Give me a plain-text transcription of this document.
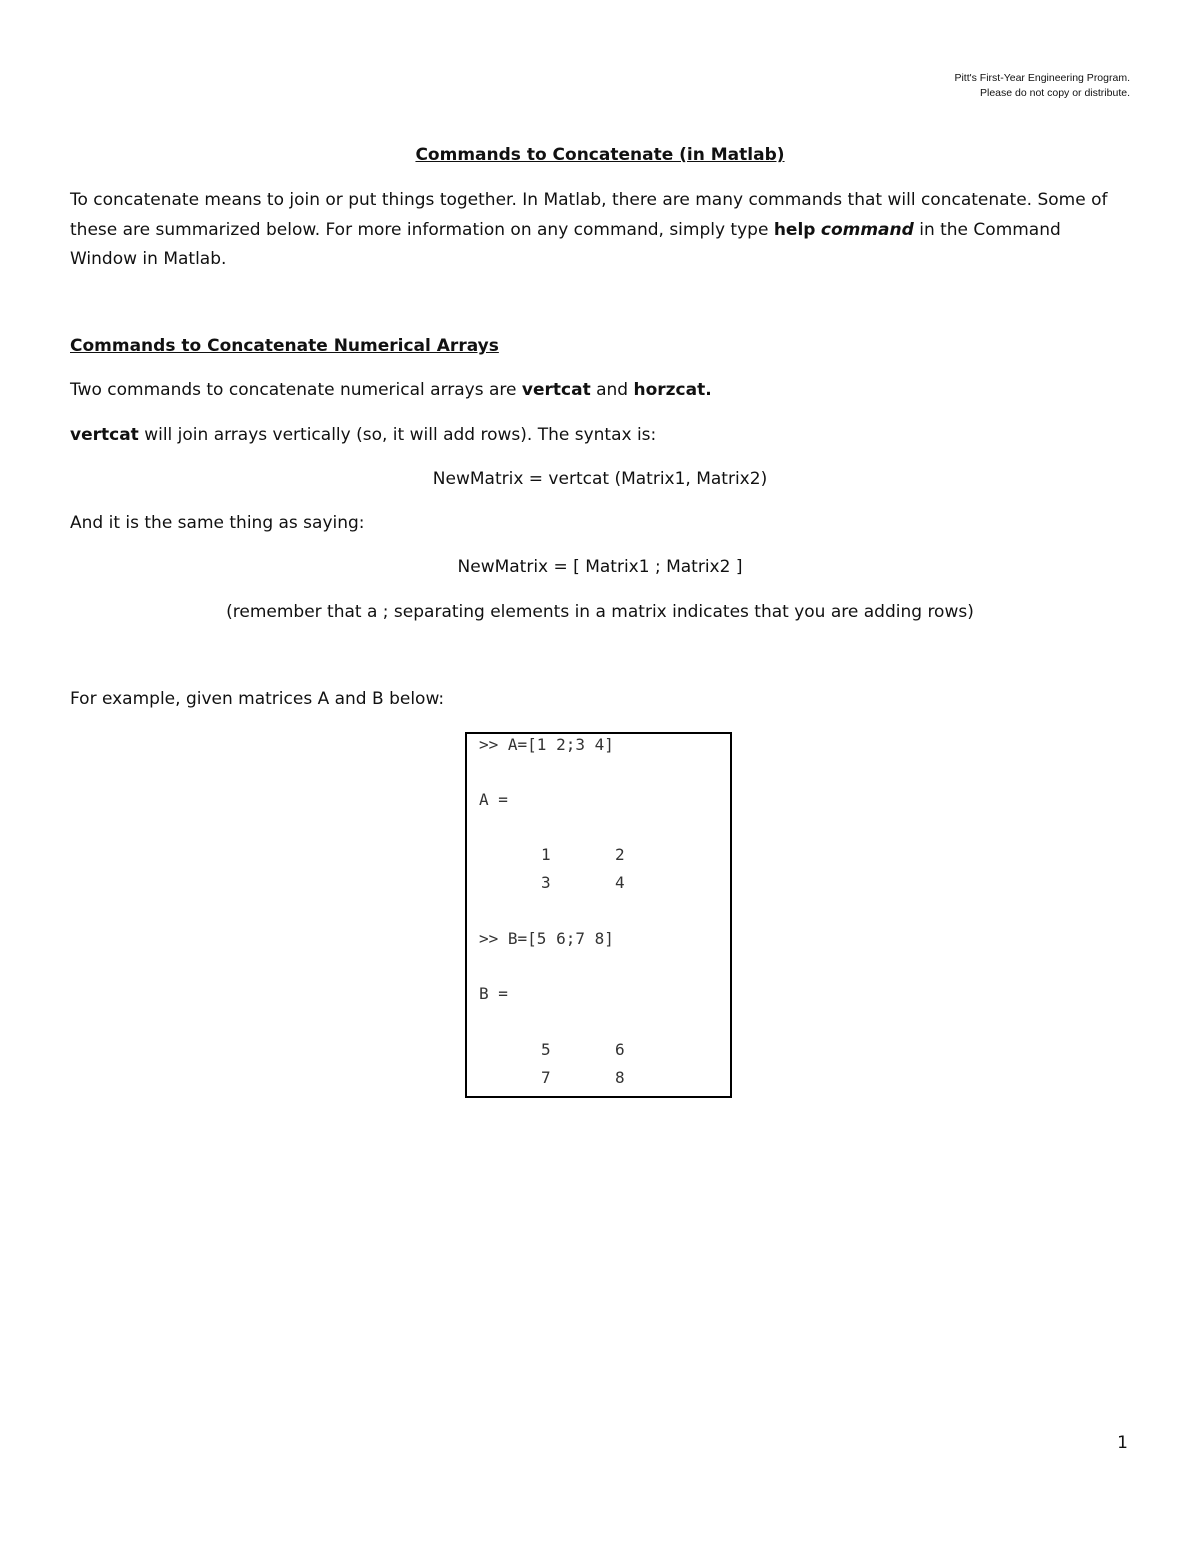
Pitt's First-Year Engineering Program.
Please do not copy or distribute.
Commands to Concatenate (in Matlab)
To concatenate means to join or put things together. In Matlab, there are many commands that will concatenate. Some of these are summarized below. For more information on any command, simply type help command in the Command Window in Matlab.
Commands to Concatenate Numerical Arrays
Two commands to concatenate numerical arrays are vertcat and horzcat.
vertcat will join arrays vertically (so, it will add rows). The syntax is:
NewMatrix = vertcat (Matrix1, Matrix2)
And it is the same thing as saying:
NewMatrix = [ Matrix1 ; Matrix2 ]
(remember that a ; separating elements in a matrix indicates that you are adding rows)
For example, given matrices A and B below:
>> A=[1 2;3 4]
A =
1	2
3	4
>> B=[5 6;7 8]
B =
5	6
7	8
1
